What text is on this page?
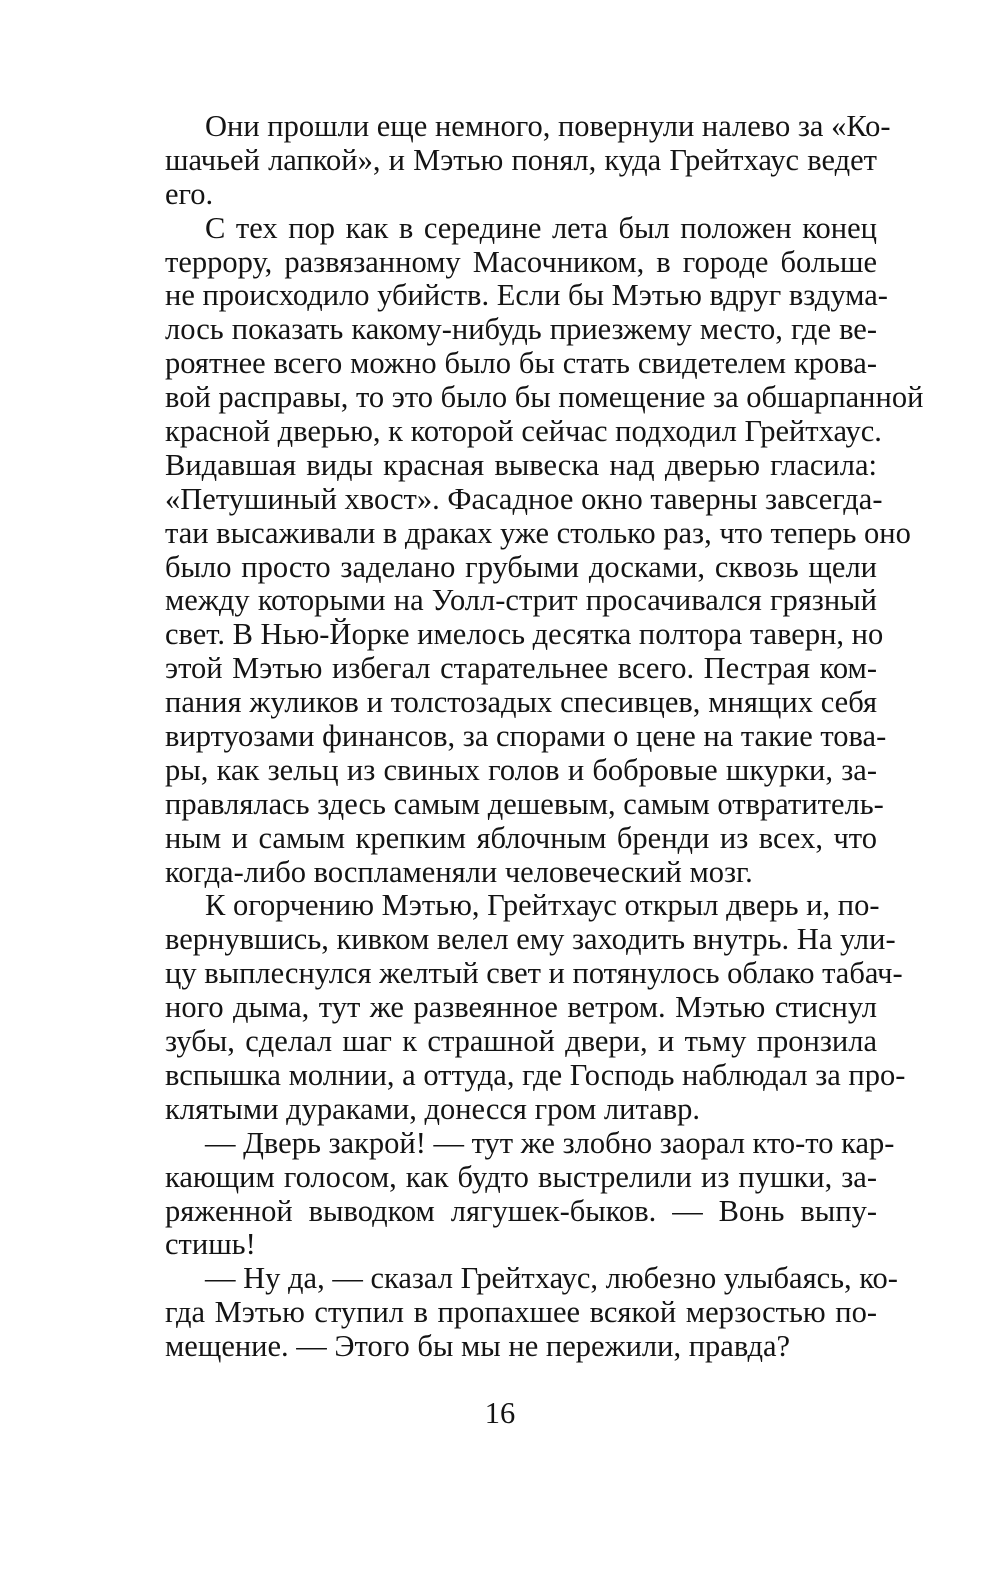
Они прошли еще немного, повернули налево за «Ко-
шачьей лапкой», и Мэтью понял, куда Грейтхаус ведет
его.
С тех пор как в середине лета был положен конец
террору, развязанному Масочником, в городе больше
не происходило убийств. Если бы Мэтью вдруг вздума-
лось показать какому-нибудь приезжему место, где ве-
роятнее всего можно было бы стать свидетелем крова-
вой расправы, то это было бы помещение за обшарпанной
красной дверью, к которой сейчас подходил Грейтхаус.
Видавшая виды красная вывеска над дверью гласила:
«Петушиный хвост». Фасадное окно таверны завсегда-
таи высаживали в драках уже столько раз, что теперь оно
было просто заделано грубыми досками, сквозь щели
между которыми на Уолл-стрит просачивался грязный
свет. В Нью-Йорке имелось десятка полтора таверн, но
этой Мэтью избегал старательнее всего. Пестрая ком-
пания жуликов и толстозадых спесивцев, мнящих себя
виртуозами финансов, за спорами о цене на такие това-
ры, как зельц из свиных голов и бобровые шкурки, за-
правлялась здесь самым дешевым, самым отвратитель-
ным и самым крепким яблочным бренди из всех, что
когда-либо воспламеняли человеческий мозг.
К огорчению Мэтью, Грейтхаус открыл дверь и, по-
вернувшись, кивком велел ему заходить внутрь. На ули-
цу выплеснулся желтый свет и потянулось облако табач-
ного дыма, тут же развеянное ветром. Мэтью стиснул
зубы, сделал шаг к страшной двери, и тьму пронзила
вспышка молнии, а оттуда, где Господь наблюдал за про-
клятыми дураками, донесся гром литавр.
— Дверь закрой! — тут же злобно заорал кто-то кар-
кающим голосом, как будто выстрелили из пушки, за-
ряженной выводком лягушек-быков. — Вонь выпу-
стишь!
— Ну да, — сказал Грейтхаус, любезно улыбаясь, ко-
гда Мэтью ступил в пропахшее всякой мерзостью по-
мещение. — Этого бы мы не пережили, правда?
16
